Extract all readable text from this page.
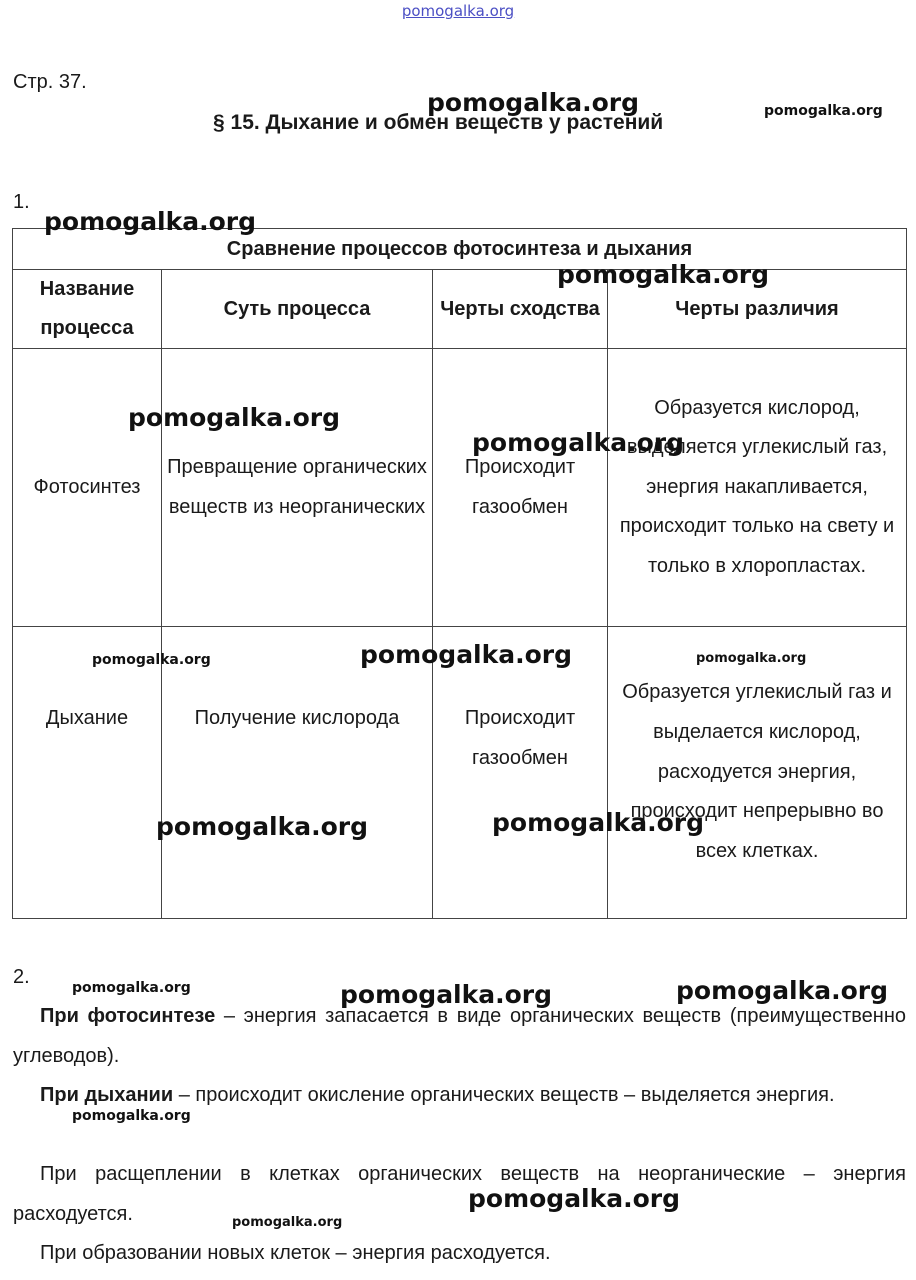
pomogalka.org
Стр. 37.
§ 15. Дыхание и обмен веществ у растений
1.
Сравнение процессов фотосинтеза и дыхания			
Название процесса	Суть процесса	Черты сходства	Черты различия
Фотосинтез	Превращение органических веществ из неорганических	Происходит газообмен	Образуется кислород, выделяется углекислый газ, энергия накапливается, происходит только на свету и только в хлоропластах.
Дыхание	Получение кислорода	Происходит газообмен	Образуется углекислый газ и выделается кислород, расходуется энергия, происходит непрерывно во всех клетках.
2.
При фотосинтезе – энергия запасается в виде органических веществ (преимущественно углеводов).
При дыхании – происходит окисление органических веществ – выделяется энергия.
При расщеплении в клетках органических веществ на неорганические – энергия расходуется.
При образовании новых клеток – энергия расходуется.
pomogalka.org	pomogalka.org
pomogalka.org
pomogalka.org
pomogalka.org
pomogalka.org
pomogalka.org	pomogalka.org	pomogalka.org
pomogalka.org	pomogalka.org
pomogalka.org	pomogalka.org	pomogalka.org
pomogalka.org
pomogalka.org
pomogalka.org
